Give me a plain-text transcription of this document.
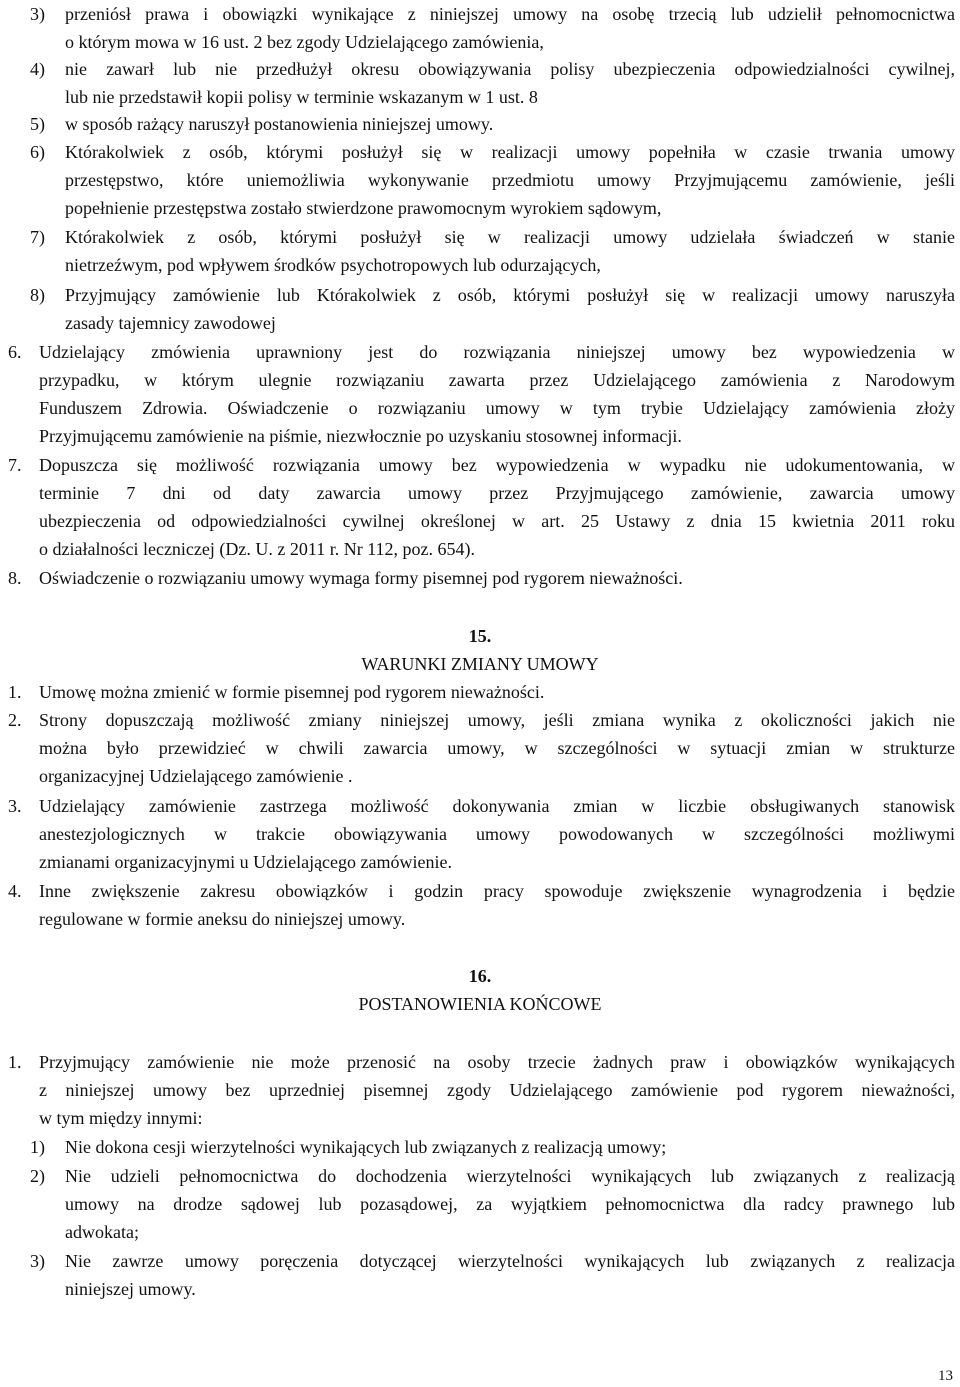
3) przeniósł prawa i obowiązki wynikające z niniejszej umowy na osobę trzecią lub udzielił pełnomocnictwa
o którym mowa w 16 ust. 2 bez zgody Udzielającego zamówienia,
4) nie zawarł lub nie przedłużył okresu obowiązywania polisy ubezpieczenia odpowiedzialności cywilnej,
lub nie przedstawił kopii polisy w terminie wskazanym w 1 ust. 8
5) w sposób rażący naruszył postanowienia niniejszej umowy.
6) Którakolwiek z osób, którymi posłużył się w realizacji umowy popełniła w czasie trwania umowy
przestępstwo, które uniemożliwia wykonywanie przedmiotu umowy Przyjmującemu zamówienie, jeśli
popełnienie przestępstwa zostało stwierdzone prawomocnym wyrokiem sądowym,
7) Którakolwiek z osób, którymi posłużył się w realizacji umowy udzielała świadczeń w stanie
nietrzeźwym, pod wpływem środków psychotropowych lub odurzających,
8) Przyjmujący zamówienie lub Którakolwiek z osób, którymi posłużył się w realizacji umowy naruszyła
zasady tajemnicy zawodowej
6. Udzielający zmówienia uprawniony jest do rozwiązania niniejszej umowy bez wypowiedzenia w
przypadku, w którym ulegnie rozwiązaniu zawarta przez Udzielającego zamówienia z Narodowym
Funduszem Zdrowia. Oświadczenie o rozwiązaniu umowy w tym trybie Udzielający zamówienia złoży
Przyjmującemu zamówienie na piśmie, niezwłocznie po uzyskaniu stosownej informacji.
7. Dopuszcza się możliwość rozwiązania umowy bez wypowiedzenia w wypadku nie udokumentowania, w
terminie 7 dni od daty zawarcia umowy przez Przyjmującego zamówienie, zawarcia umowy
ubezpieczenia od odpowiedzialności cywilnej określonej w art. 25 Ustawy z dnia 15 kwietnia 2011 roku
o działalności leczniczej (Dz. U. z 2011 r. Nr 112, poz. 654).
8. Oświadczenie o rozwiązaniu umowy wymaga formy pisemnej pod rygorem nieważności.
15.
WARUNKI ZMIANY UMOWY
1. Umowę można zmienić w formie pisemnej pod rygorem nieważności.
2. Strony dopuszczają możliwość zmiany niniejszej umowy, jeśli zmiana wynika z okoliczności jakich nie
można było przewidzieć w chwili zawarcia umowy, w szczególności w sytuacji zmian w strukturze
organizacyjnej Udzielającego zamówienie .
3. Udzielający zamówienie zastrzega możliwość dokonywania zmian w liczbie obsługiwanych stanowisk
anestezjologicznych w trakcie obowiązywania umowy powodowanych w szczególności możliwymi
zmianami organizacyjnymi u Udzielającego zamówienie.
4. Inne zwiększenie zakresu obowiązków i godzin pracy spowoduje zwiększenie wynagrodzenia i będzie
regulowane w formie aneksu do niniejszej umowy.
16.
POSTANOWIENIA KOŃCOWE
1. Przyjmujący zamówienie nie może przenosić na osoby trzecie żadnych praw i obowiązków wynikających
z niniejszej umowy bez uprzedniej pisemnej zgody Udzielającego zamówienie pod rygorem nieważności,
w tym między innymi:
1) Nie dokona cesji wierzytelności wynikających lub związanych z realizacją umowy;
2) Nie udzieli pełnomocnictwa do dochodzenia wierzytelności wynikających lub związanych z realizacją
umowy na drodze sądowej lub pozasądowej, za wyjątkiem pełnomocnictwa dla radcy prawnego lub
adwokata;
3) Nie zawrze umowy poręczenia dotyczącej wierzytelności wynikających lub związanych z realizacja
niniejszej umowy.
13
